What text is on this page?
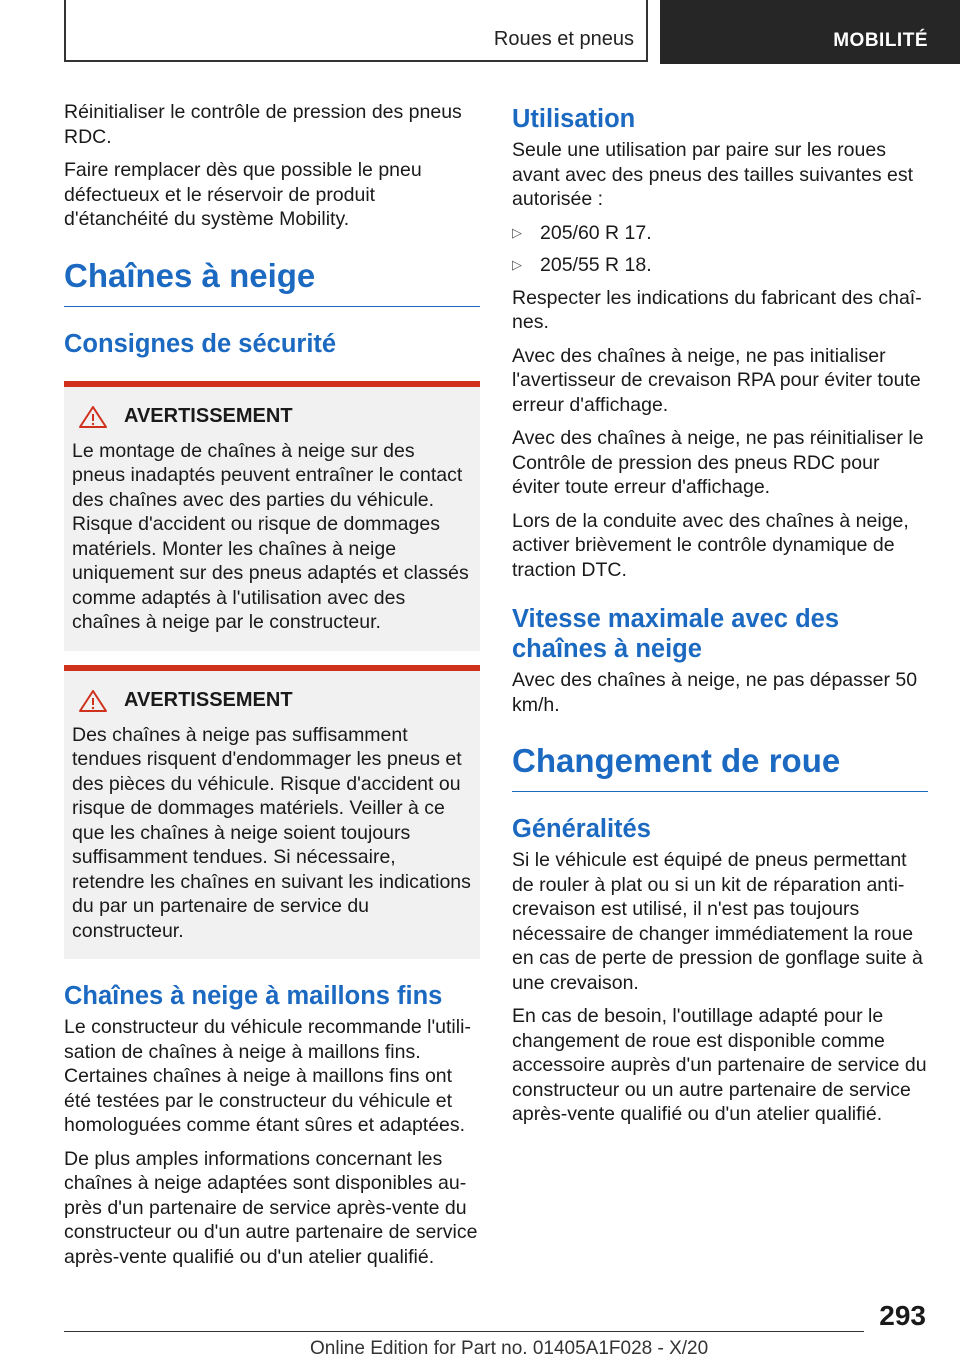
Roues et pneus	MOBILITÉ

Réinitialiser le contrôle de pression des pneus RDC.

Faire remplacer dès que possible le pneu défectueux et le réservoir de produit d'étanchéité du système Mobility.

Chaînes à neige
Consignes de sécurité
AVERTISSEMENT

Le montage de chaînes à neige sur des pneus inadaptés peuvent entraîner le contact des chaînes avec des parties du véhicule. Risque d'accident ou risque de dommages matériels. Monter les chaînes à neige uniquement sur des pneus adaptés et classés comme adaptés à l'utilisation avec des chaînes à neige par le constructeur.

AVERTISSEMENT

Des chaînes à neige pas suffisamment tendues risquent d'endommager les pneus et des pièces du véhicule. Risque d'accident ou risque de dommages matériels. Veiller à ce que les chaînes à neige soient toujours suffisamment tendues. Si nécessaire, retendre les chaînes en suivant les indications du par un partenaire de service du constructeur.

Chaînes à neige à maillons fins

Le constructeur du véhicule recommande l'utilisation de chaînes à neige à maillons fins. Certaines chaînes à neige à maillons fins ont été testées par le constructeur du véhicule et homologuées comme étant sûres et adaptées.

De plus amples informations concernant les chaînes à neige adaptées sont disponibles auprès d'un partenaire de service après-vente du constructeur ou d'un autre partenaire de service après-vente qualifié ou d'un atelier qualifié.

Utilisation

Seule une utilisation par paire sur les roues avant avec des pneus des tailles suivantes est autorisée :

▷ 205/60 R 17.
▷ 205/55 R 18.

Respecter les indications du fabricant des chaînes.

Avec des chaînes à neige, ne pas initialiser l'avertisseur de crevaison RPA pour éviter toute erreur d'affichage.

Avec des chaînes à neige, ne pas réinitialiser le Contrôle de pression des pneus RDC pour éviter toute erreur d'affichage.

Lors de la conduite avec des chaînes à neige, activer brièvement le contrôle dynamique de traction DTC.

Vitesse maximale avec des chaînes à neige

Avec des chaînes à neige, ne pas dépasser 50 km/h.

Changement de roue
Généralités

Si le véhicule est équipé de pneus permettant de rouler à plat ou si un kit de réparation anti-crevaison est utilisé, il n'est pas toujours nécessaire de changer immédiatement la roue en cas de perte de pression de gonflage suite à une crevaison.

En cas de besoin, l'outillage adapté pour le changement de roue est disponible comme accessoire auprès d'un partenaire de service du constructeur ou un autre partenaire de service après-vente qualifié ou d'un atelier qualifié.

293
Online Edition for Part no. 01405A1F028 - X/20
